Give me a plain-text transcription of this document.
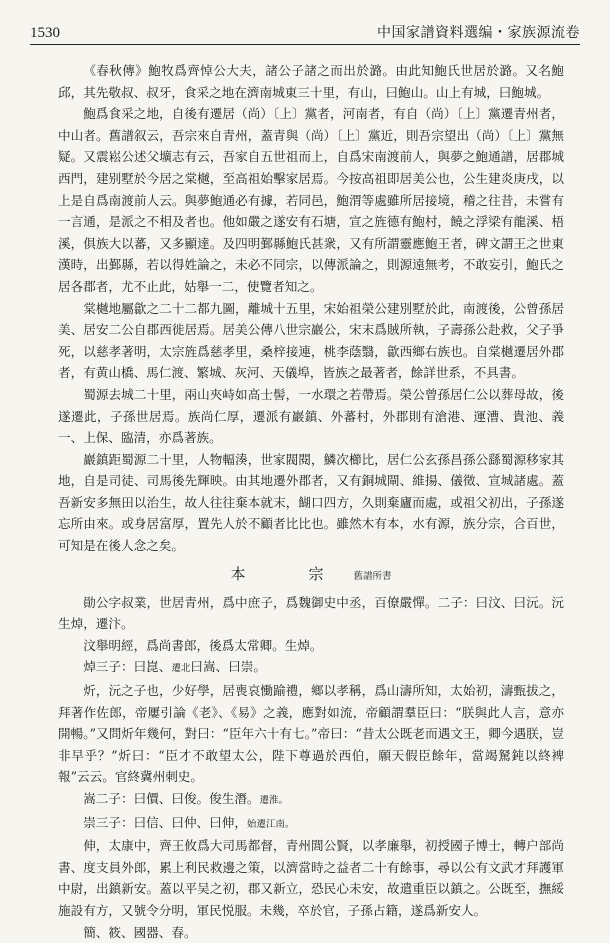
1530	中国家譜資料選编・家族源流卷

《春秋傳》鮑牧爲齊悼公大夫，諸公子諸之而出於潞。由此知鮑氏世居於潞。又名鮑邱，其先敬叔、叔牙，食采之地在濟南城東三十里，有山，曰鮑山。山上有城，曰鮑城。

鮑爲食采之地，自後有遷居（尚）〔上〕黨者，河南者，有自（尚）〔上〕黨遷青州者，中山者。舊譜叙云，吾宗來自青州，蓋青與（尚）〔上〕黨近，則吾宗望出（尚）〔上〕黨無疑。又震崧公述父壙志有云，吾家自五世祖而上，自爲宋南渡前人，與夢之鮑通譜，居郡城西門，建别墅於今居之棠樾，至高祖始擊家居焉。今按高祖即居美公也，公生建炎庚戌，以上是自爲南渡前人云。與夢鮑通必有據，若同邑，鮑渭等處雖所居接境，稽之往昔，未嘗有一言通，是派之不相及者也。他如嚴之遂安有石塘，宣之旌德有鮑村，饒之浮梁有龍溪、梧溪，俱族大以蕃，又多顯達。及四明鄞縣鮑氏甚衆，又有所謂靈應鮑王者，碑文謂王之世東漢時，出鄞縣，若以得姓論之，未必不同宗，以傳派論之，則源遠無考，不敢妄引，鮑氏之居各郡者，尤不止此，姑舉一二，使覽者知之。

棠樾地屬歙之二十二都九圖，離城十五里，宋始祖榮公建別墅於此，南渡後，公曾孫居美、居安二公自郡西徙居焉。居美公傳八世宗巖公，宋末爲賊所執，子壽孫公赴救，父子爭死，以慈孝著明，太宗旌爲慈孝里，桑梓接連，桃李蔭翳，歙西鄉右族也。自棠樾遷居外郡者，有黄山橋、馬仁渡、繁城、灰河、天儀埠，皆族之最著者，餘詳世系，不具書。

蜀源去城二十里，兩山夾峙如高士髻，一水環之若帶焉。榮公曾孫居仁公以葬母故，後遂遷此，子孫世居焉。族尚仁厚，遷派有巖鎮、外蕃村，外郡則有滄港、運漕、貴池、義一、上保、臨清，亦爲著族。

巖鎮距蜀源二十里，人物輻湊，世家閥閱，鱗次櫛比，居仁公玄孫昌孫公繇蜀源移家其地，自是司徒、司馬後先輝映。由其地遷外郡者，又有銅城閘、維揚、儀徵、宣城諸處。蓋吾新安多無田以治生，故人往往棄本就末，餬口四方，久則棄廬而處，或祖父初出，子孫遂忘所由來。或身居富厚，置先人於不顧者比比也。雖然木有本，水有源，族分宗，合百世，可知是在後人念之矣。

本　宗 舊譜所書

勛公字叔業，世居青州，爲中庶子，爲魏御史中丞，百僚嚴憚。二子：曰汶、曰沅。沅生焯，遷汴。

汶舉明經，爲尚書郎，後爲太常卿。生焯。

焯三子：曰崑、遷北曰嵩、曰崇。

炘，沅之子也，少好學，居喪哀慟踰禮，鄉以孝稱，爲山濤所知，太始初，濤甄拔之，拜著作佐郎，帝屢引論《老》、《易》之義，應對如流，帝顧謂羣臣曰：“朕與此人言，意亦開暢。”又問炘年幾何，對曰：“臣年六十有七。”帝曰：“昔太公既老而遇文王，卿今遇朕，豈非早乎？”炘曰：“臣才不敢望太公，陛下尊過於西伯，願天假臣餘年，當竭駑鈍以終裨報”云云。官終冀州刺史。

嵩二子：曰價、曰俊。俊生潛。遷淮。

崇三子：曰信、曰仲、曰伸，始遷江南。

伸，太康中，齊王攸爲大司馬都督，青州閭公賢，以孝廉舉，初授國子博士，轉户部尚書、度支員外郎，累上利民救邊之策，以濟當時之益者二十有餘事，尋以公有文武才拜護軍中尉，出鎮新安。蓋以平吴之初，郡又新立，恐民心未安，故遣重臣以鎮之。公既至，撫綏施設有方，又號令分明，軍民悦服。未幾，卒於官，子孫占籍，遂爲新安人。

簡、筱、國器、春。
